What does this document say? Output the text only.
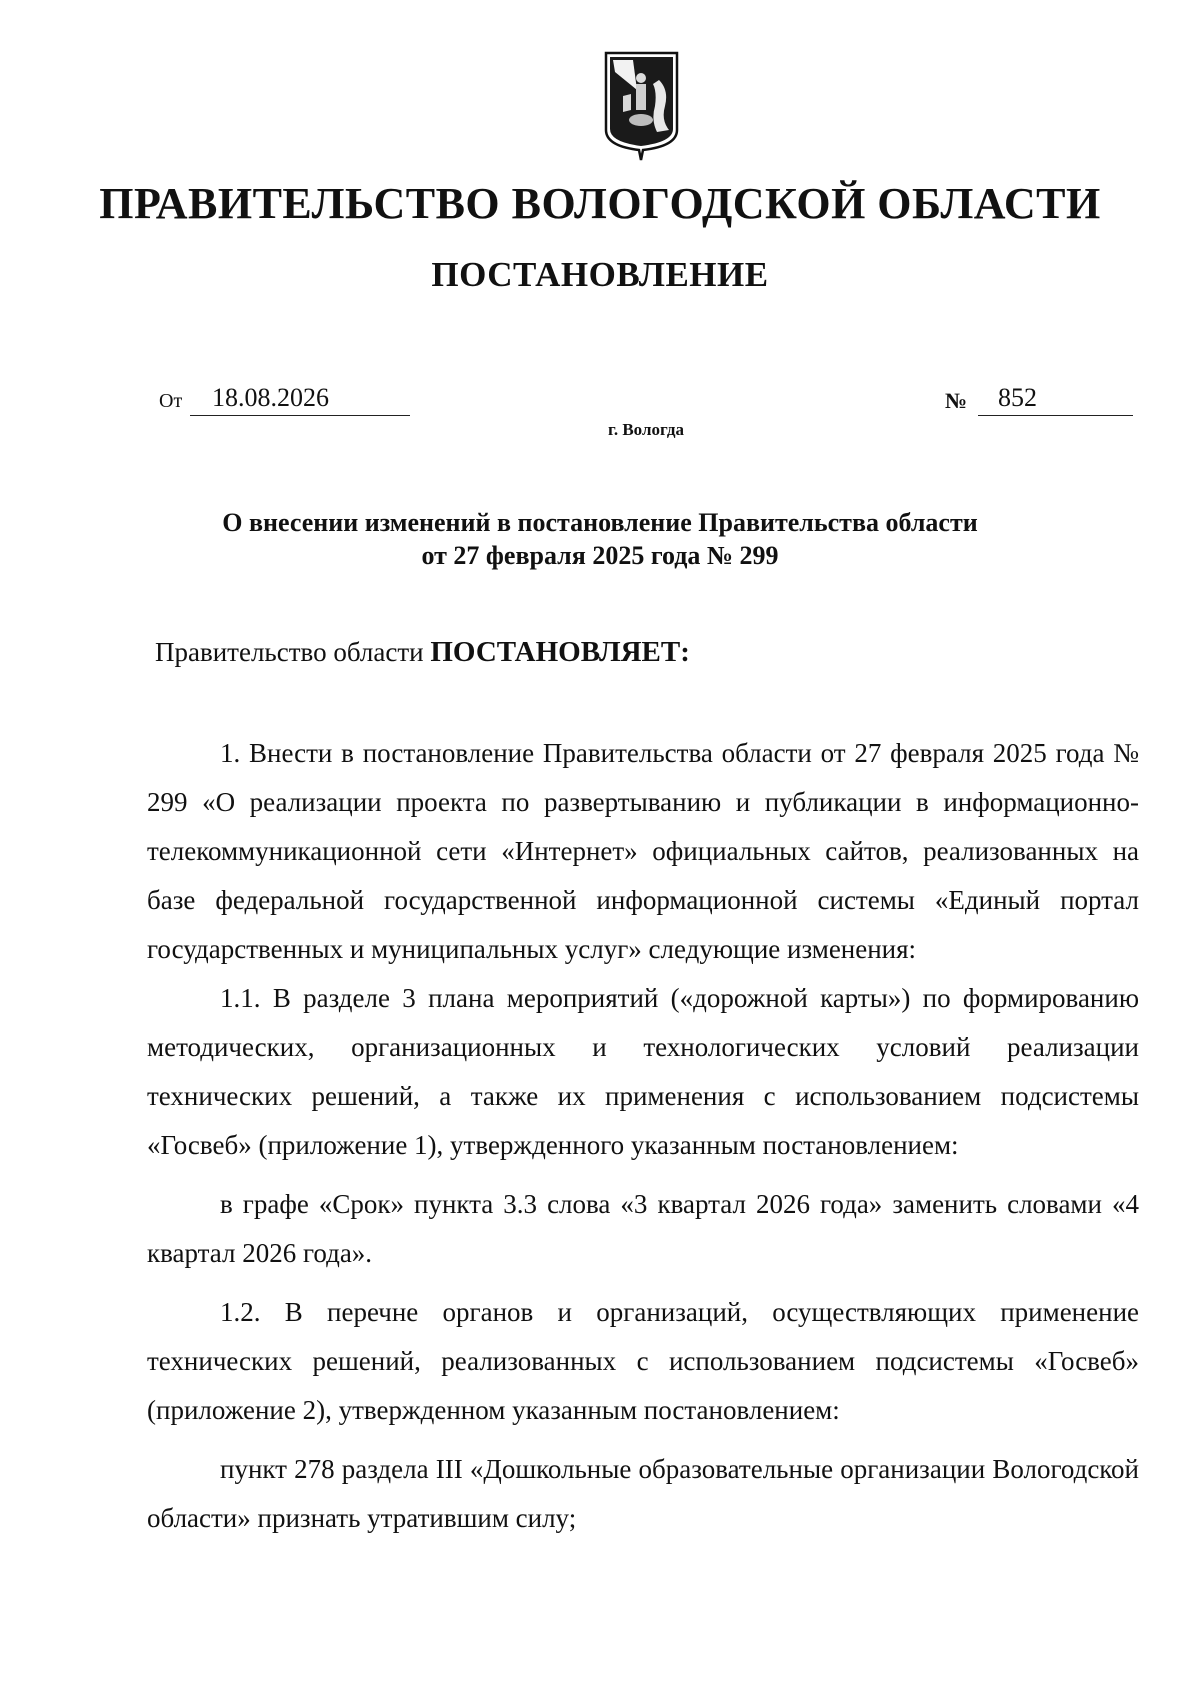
ПРАВИТЕЛЬСТВО ВОЛОГОДСКОЙ ОБЛАСТИ
ПОСТАНОВЛЕНИЕ
От	18.08.2026	№	852
г. Вологда
О внесении изменений в постановление Правительства области
от 27 февраля 2025 года № 299
Правительство области ПОСТАНОВЛЯЕТ:

1. Внести в постановление Правительства области от 27 февраля 2025 года № 299 «О реализации проекта по развертыванию и публикации в информационно-телекоммуникационной сети «Интернет» официальных сайтов, реализованных на базе федеральной государственной информационной системы «Единый портал государственных и муниципальных услуг» следующие изменения:

1.1. В разделе 3 плана мероприятий («дорожной карты») по формированию методических, организационных и технологических условий реализации технических решений, а также их применения с использованием подсистемы «Госвеб» (приложение 1), утвержденного указанным постановлением:

в графе «Срок» пункта 3.3 слова «3 квартал 2026 года» заменить словами «4 квартал 2026 года».

1.2. В перечне органов и организаций, осуществляющих применение технических решений, реализованных с использованием подсистемы «Госвеб» (приложение 2), утвержденном указанным постановлением:

пункт 278 раздела III «Дошкольные образовательные организации Вологодской области» признать утратившим силу;
